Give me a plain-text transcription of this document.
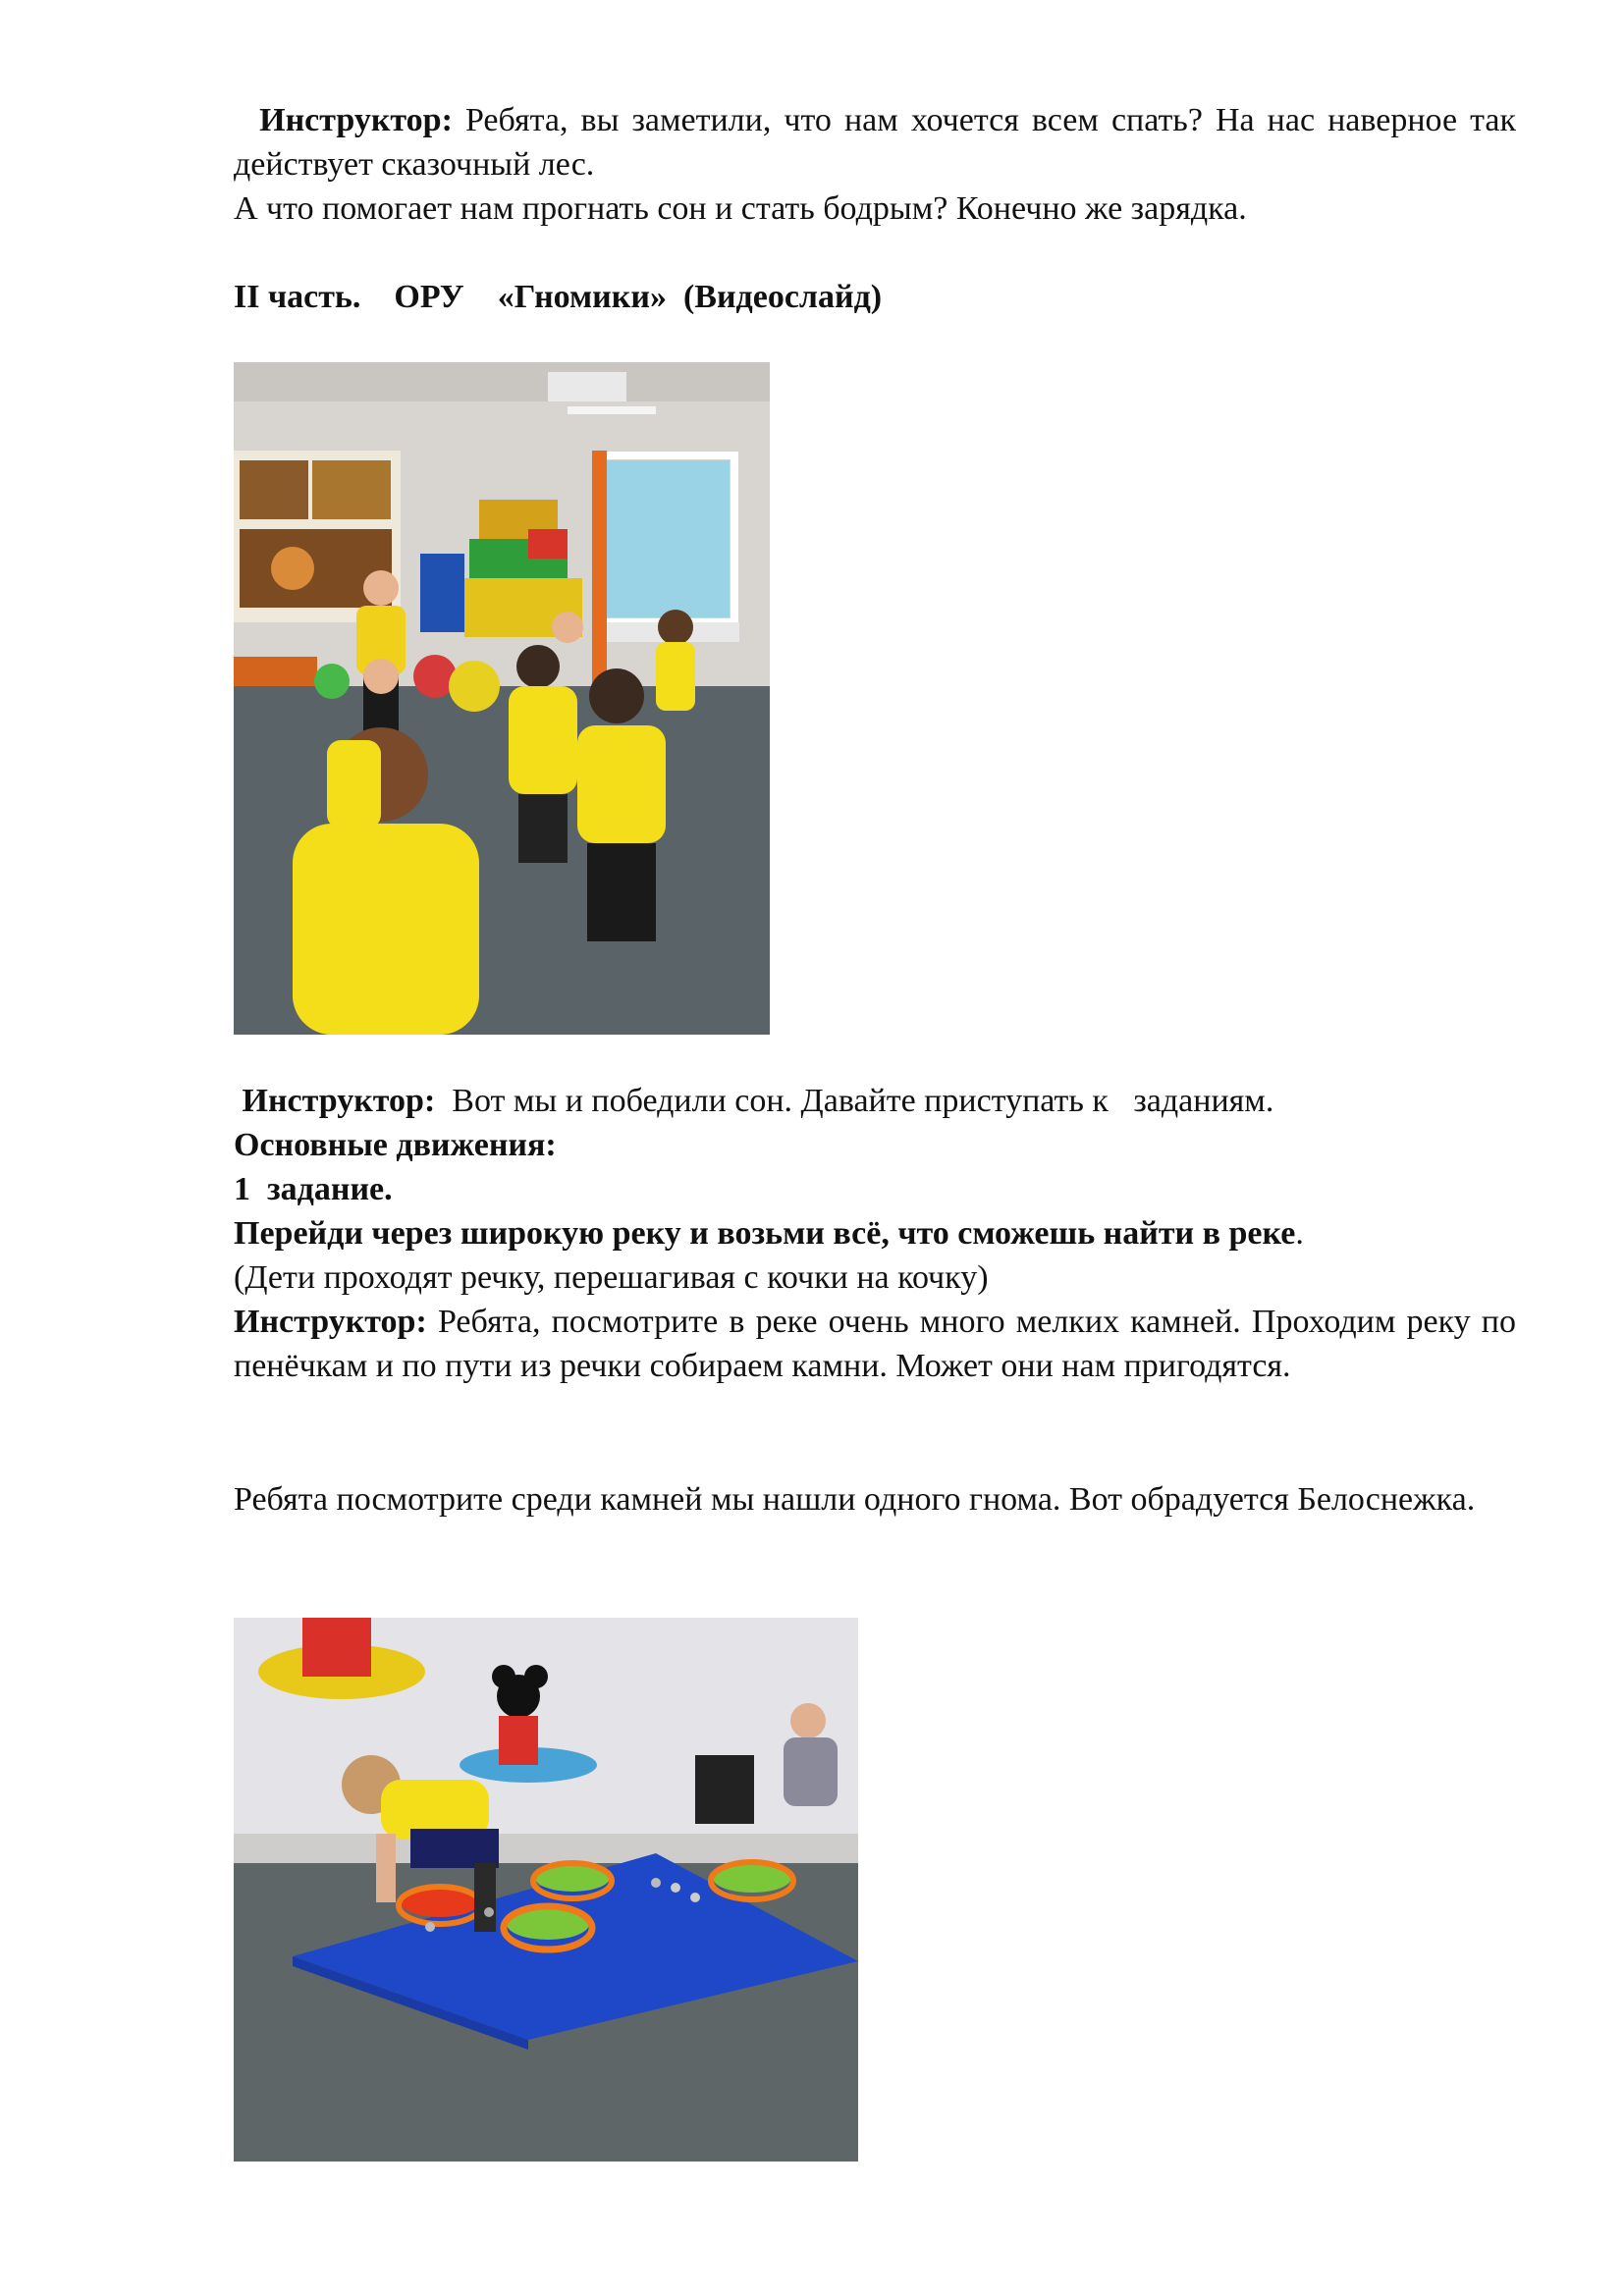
Инструктор: Ребята, вы заметили, что нам хочется всем спать? На нас наверное так действует сказочный лес.

А что помогает нам прогнать сон и стать бодрым? Конечно же зарядка.

II часть.    ОРУ    «Гномики»  (Видеослайд)

Инструктор:  Вот мы и победили сон. Давайте приступать к   заданиям.

Основные движения:

1  задание.

Перейди через широкую реку и возьми всё, что сможешь найти в реке.

(Дети проходят речку, перешагивая с кочки на кочку)

Инструктор: Ребята, посмотрите в реке очень много мелких камней. Проходим реку по пенёчкам и по пути из речки собираем камни. Может они нам пригодятся.

Ребята посмотрите среди камней мы нашли одного гнома. Вот обрадуется Белоснежка.
